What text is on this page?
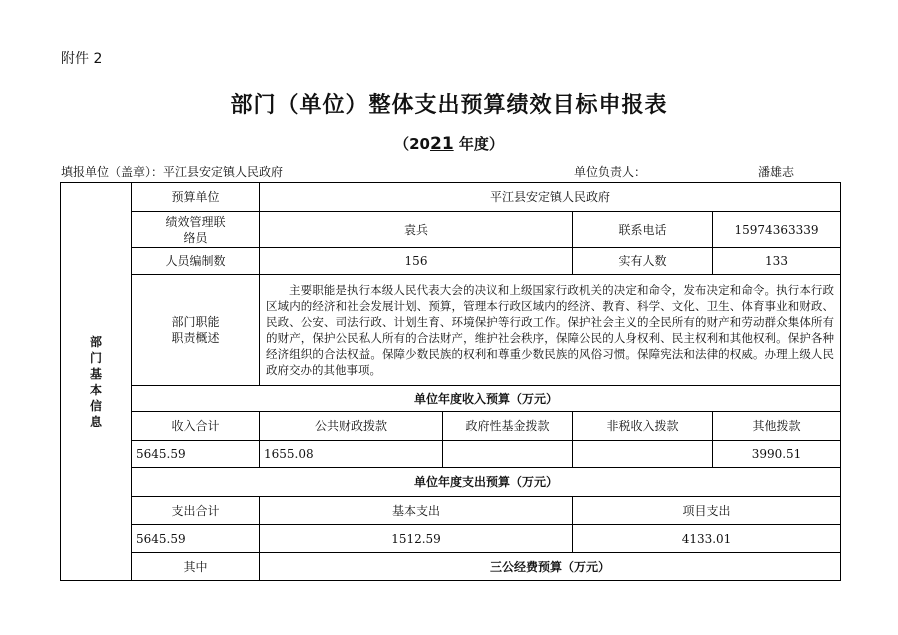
附件 2
部门（单位）整体支出预算绩效目标申报表
（2021 年度）
填报单位（盖章）：平江县安定镇人民政府	单位负责人：	潘雄志
部门基本信息	预算单位	平江县安定镇人民政府			
	绩效管理联络员	袁兵		联系电话	15974363339
	人员编制数	156		实有人数	133
	部门职能职责概述	主要职能是执行本级人民代表大会的决议和上级国家行政机关的决定和命令，发布决定和命令。执行本行政区域内的经济和社会发展计划、预算，管理本行政区域内的经济、教育、科学、文化、卫生、体育事业和财政、民政、公安、司法行政、计划生育、环境保护等行政工作。保护社会主义的全民所有的财产和劳动群众集体所有的财产，保护公民私人所有的合法财产，维护社会秩序，保障公民的人身权利、民主权利和其他权利。保护各种经济组织的合法权益。保障少数民族的权利和尊重少数民族的风俗习惯。保障宪法和法律的权威。办理上级人民政府交办的其他事项。			
	单位年度收入预算（万元）				
	收入合计	公共财政拨款	政府性基金拨款	非税收入拨款	其他拨款
	5645.59	1655.08			3990.51
	单位年度支出预算（万元）				
	支出合计	基本支出		项目支出	
	5645.59	1512.59		4133.01	
	其中	三公经费预算（万元）			
